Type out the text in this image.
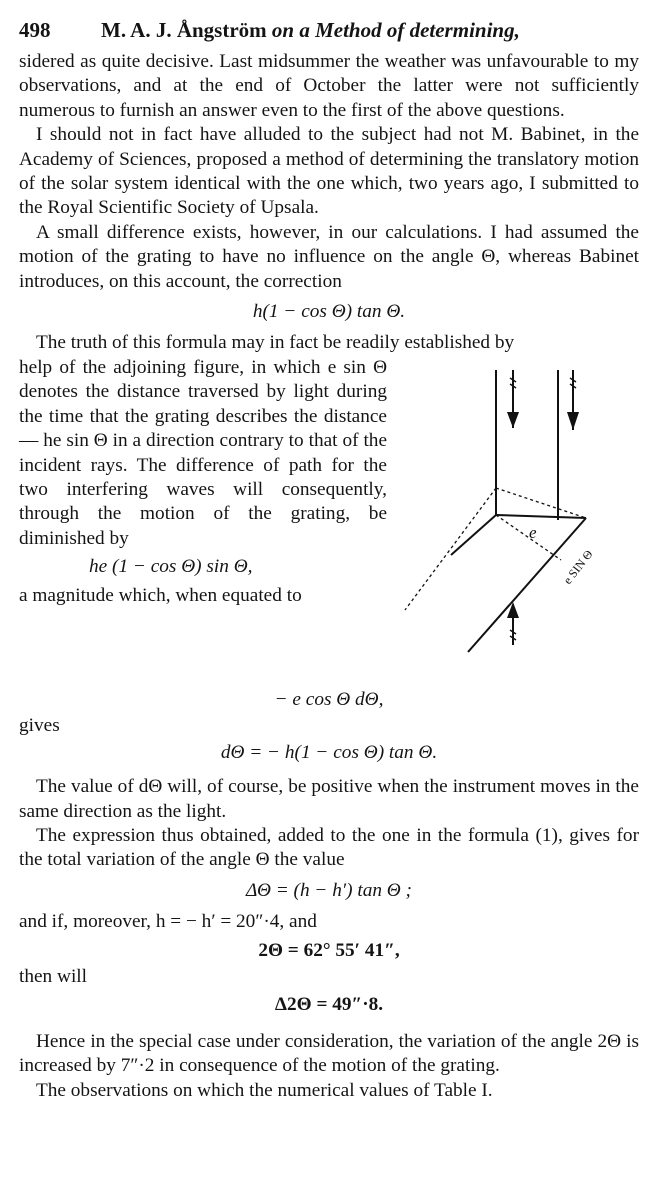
498 M. A. J. Ångström on a Method of determining,

sidered as quite decisive. Last midsummer the weather was unfavourable to my observations, and at the end of October the latter were not sufficiently numerous to furnish an answer even to the first of the above questions.

I should not in fact have alluded to the subject had not M. Babinet, in the Academy of Sciences, proposed a method of determining the translatory motion of the solar system identical with the one which, two years ago, I submitted to the Royal Scientific Society of Upsala.

A small difference exists, however, in our calculations. I had assumed the motion of the grating to have no influence on the angle Θ, whereas Babinet introduces, on this account, the correction

h(1 − cos Θ) tan Θ.

The truth of this formula may in fact be readily established by

e
e SIN Θ

help of the adjoining figure, in which e sin Θ denotes the distance traversed by light during the time that the grating describes the distance — he sin Θ in a direction contrary to that of the incident rays. The difference of path for the two interfering waves will consequently, through the motion of the grating, be diminished by

he (1 − cos Θ) sin Θ,

a magnitude which, when equated to

− e cos Θ dΘ,

gives

dΘ = − h(1 − cos Θ) tan Θ.

The value of dΘ will, of course, be positive when the instrument moves in the same direction as the light.

The expression thus obtained, added to the one in the formula (1), gives for the total variation of the angle Θ the value

ΔΘ = (h − h′) tan Θ ;

and if, moreover, h = − h′ = 20″·4, and

2Θ = 62° 55′ 41″,

then will

Δ2Θ = 49″·8.

Hence in the special case under consideration, the variation of the angle 2Θ is increased by 7″·2 in consequence of the motion of the grating.

The observations on which the numerical values of Table I.
